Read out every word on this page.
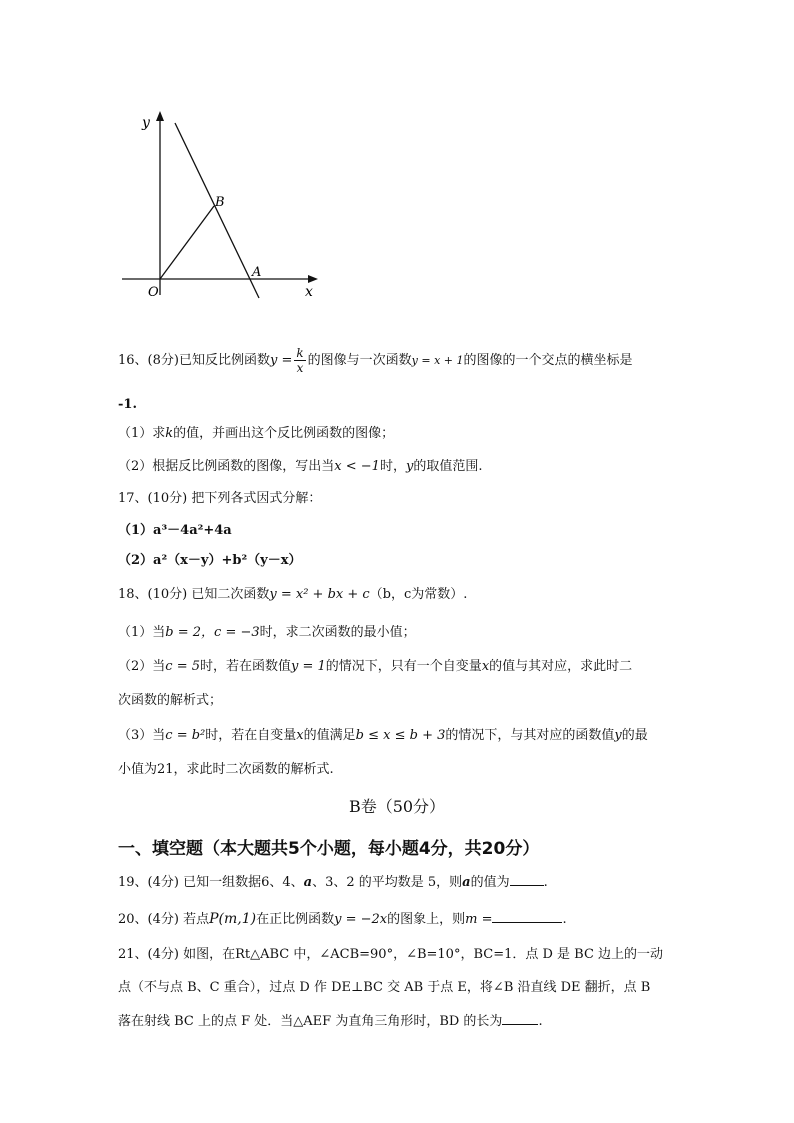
y
x
O
A
B
16、(8分)已知反比例函数$y = \frac{k}{x}$ 的图像与一次函数y = x + 1的图像的一个交点的横坐标是
-1.
（1）求k的值，并画出这个反比例函数的图像；
（2）根据反比例函数的图像，写出当x < −1时，y的取值范围.
17、(10分) 把下列各式因式分解：
（1）a³－4a²+4a
（2）a²（x－y）+b²（y－x）
18、(10分) 已知二次函数y = x² + bx + c（b，c为常数）.
（1）当b = 2，c = −3时，求二次函数的最小值；
（2）当c = 5时，若在函数值y = 1的情况下，只有一个自变量x的值与其对应，求此时二
次函数的解析式；
（3）当c = b²时，若在自变量x的值满足b ≤ x ≤ b + 3的情况下，与其对应的函数值y的最
小值为21，求此时二次函数的解析式.
B卷（50分）
一、填空题（本大题共5个小题，每小题4分，共20分）
19、(4分) 已知一组数据6、4、a、3、2 的平均数是 5，则a的值为	.
20、(4分) 若点P(m,1)在正比例函数y = −2x的图象上，则m =	.
21、(4分) 如图，在Rt△ABC 中，∠ACB=90°，∠B=10°，BC=1．点 D 是 BC 边上的一动
点（不与点 B、C 重合），过点 D 作 DE⊥BC 交 AB 于点 E，将∠B 沿直线 DE 翻折，点 B
落在射线 BC 上的点 F 处．当△AEF 为直角三角形时，BD 的长为	.
